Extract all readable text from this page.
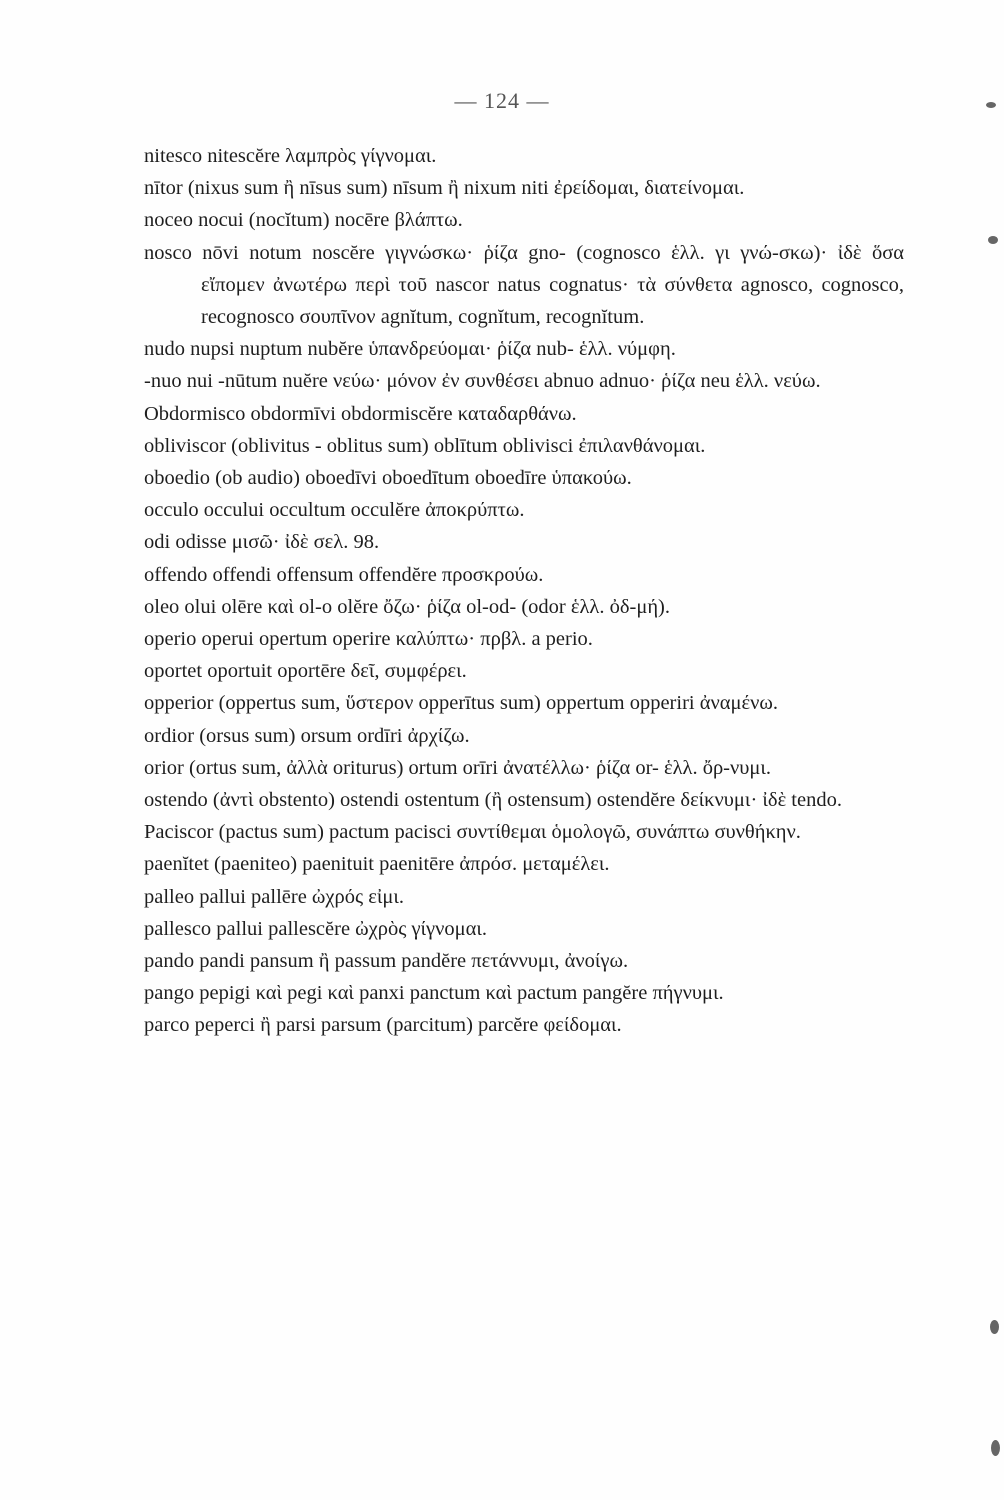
— 124 —

nitesco nitescĕre λαμπρὸς γίγνομαι.

nītor (nixus sum ἢ nīsus sum) nīsum ἢ nixum niti ἐρείδομαι, διατείνομαι.

noceo nocui (nocĭtum) nocēre βλάπτω.

nosco nōvi notum noscĕre γιγνώσκω· ῥίζα gno- (cognosco ἑλλ. γι γνώ-σκω)· ἰδὲ ὅσα εἴπομεν ἀνωτέρω περὶ τοῦ nascor natus cognatus· τὰ σύνθετα agnosco, cognosco, recognosco σουπῖνον agnĭtum, cognĭtum, recognĭtum.

nudo nupsi nuptum nubĕre ὑπανδρεύομαι· ῥίζα nub- ἑλλ. νύμφη.

-nuo nui -nūtum nuĕre νεύω· μόνον ἐν συνθέσει abnuo adnuo· ῥίζα neu ἑλλ. νεύω.

Obdormisco obdormīvi obdormiscĕre καταδαρθάνω.

obliviscor (oblivitus - oblitus sum) oblītum oblivisci ἐπιλανθάνομαι.

oboedio (ob audio) oboedīvi oboedītum oboedīre ὑπακούω.

occulo occului occultum occulĕre ἀποκρύπτω.

odi odisse μισῶ· ἰδὲ σελ. 98.

offendo offendi offensum offendĕre προσκρούω.

oleo olui olēre καὶ ol-o olĕre ὄζω· ῥίζα ol-od- (odor ἑλλ. ὀδ-μή).

operio operui opertum operire καλύπτω· πρβλ. a perio.

oportet oportuit oportēre δεῖ, συμφέρει.

opperior (oppertus sum, ὕστερον opperītus sum) oppertum opperiri ἀναμένω.

ordior (orsus sum) orsum ordīri ἀρχίζω.

orior (ortus sum, ἀλλὰ oriturus) ortum orīri ἀνατέλλω· ῥίζα or- ἑλλ. ὄρ-νυμι.

ostendo (ἀντὶ obstento) ostendi ostentum (ἢ ostensum) ostendĕre δείκνυμι· ἰδὲ tendo.

Paciscor (pactus sum) pactum pacisci συντίθεμαι ὁμολογῶ, συνάπτω συνθήκην.

paenĭtet (paeniteo) paenituit paenitēre ἀπρόσ. μεταμέλει.

palleo pallui pallēre ὠχρός εἰμι.

pallesco pallui pallescĕre ὠχρὸς γίγνομαι.

pando pandi pansum ἢ passum pandĕre πετάννυμι, ἀνοίγω.

pango pepigi καὶ pegi καὶ panxi panctum καὶ pactum pangĕre πήγνυμι.

parco peperci ἢ parsi parsum (parcitum) parcĕre φείδομαι.
